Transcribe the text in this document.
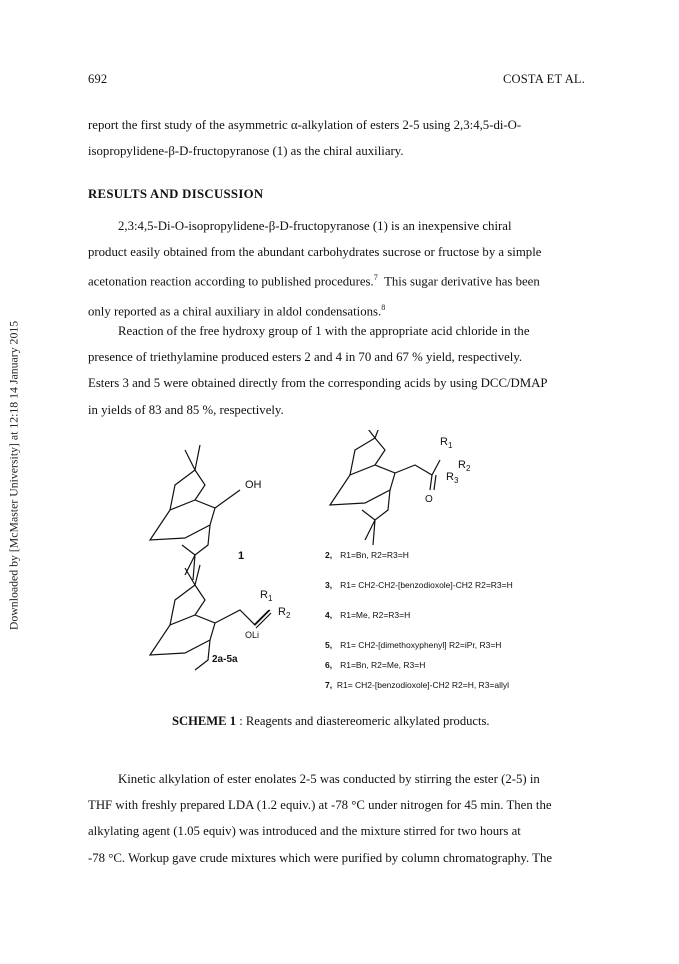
692	COSTA ET AL.
Downloaded by [McMaster University] at 12:18 14 January 2015

report the first study of the asymmetric α-alkylation of esters 2-5 using 2,3:4,5-di-O-

isopropylidene-β-D-fructopyranose (1) as the chiral auxiliary.

RESULTS AND DISCUSSION

2,3:4,5-Di-O-isopropylidene-β-D-fructopyranose (1) is an inexpensive chiral

product easily obtained from the abundant carbohydrates sucrose or fructose by a simple

acetonation reaction according to published procedures.$^7$ This sugar derivative has been

only reported as a chiral auxiliary in aldol condensations.$^8$

Reaction of the free hydroxy group of 1 with the appropriate acid chloride in the

presence of triethylamine produced esters 2 and 4 in 70 and 67 % yield, respectively.

Esters 3 and 5 were obtained directly from the corresponding acids by using DCC/DMAP

in yields of 83 and 85 %, respectively.

OH
1
2a-5a
OLi
$R_1$
$R_2$
$R_1$
$R_2$
$R_3$
O
2, R1=Bn, R2=R3=H
3, R1= CH2-CH2-[benzodioxole]-CH2 R2=R3=H
4, R1=Me, R2=R3=H
5, R1= CH2-[dimethoxyphenyl] R2=iPr, R3=H
6, R1=Bn, R2=Me, R3=H
7, R1= CH2-[benzodioxole]-CH2 R2=H, R3=allyl
SCHEME 1 : Reagents and diastereomeric alkylated products.

Kinetic alkylation of ester enolates 2-5 was conducted by stirring the ester (2-5) in

THF with freshly prepared LDA (1.2 equiv.) at -78 °C under nitrogen for 45 min. Then the

alkylating agent (1.05 equiv) was introduced and the mixture stirred for two hours at

-78 °C. Workup gave crude mixtures which were purified by column chromatography. The
